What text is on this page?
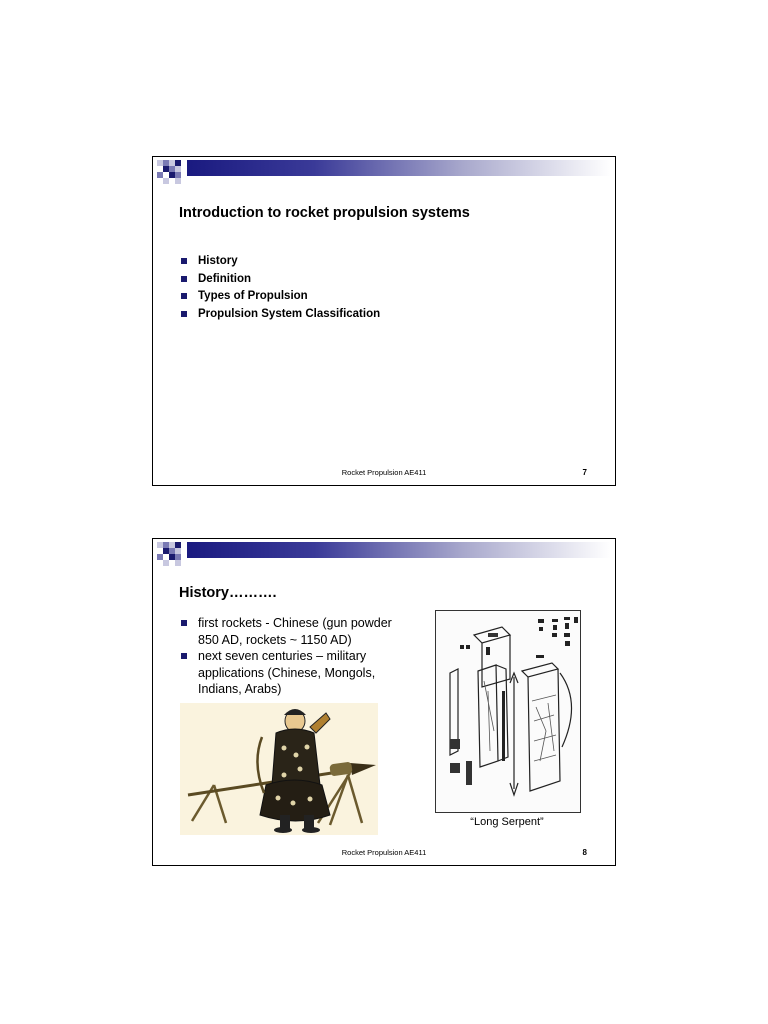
Introduction to rocket propulsion systems
History
Definition
Types of Propulsion
Propulsion System Classification
Rocket Propulsion AE411	7
History……….
first rockets - Chinese (gun powder 850 AD, rockets ~ 1150 AD)
next seven centuries – military applications (Chinese, Mongols, Indians, Arabs)
“Long Serpent”
Rocket Propulsion AE411	8
